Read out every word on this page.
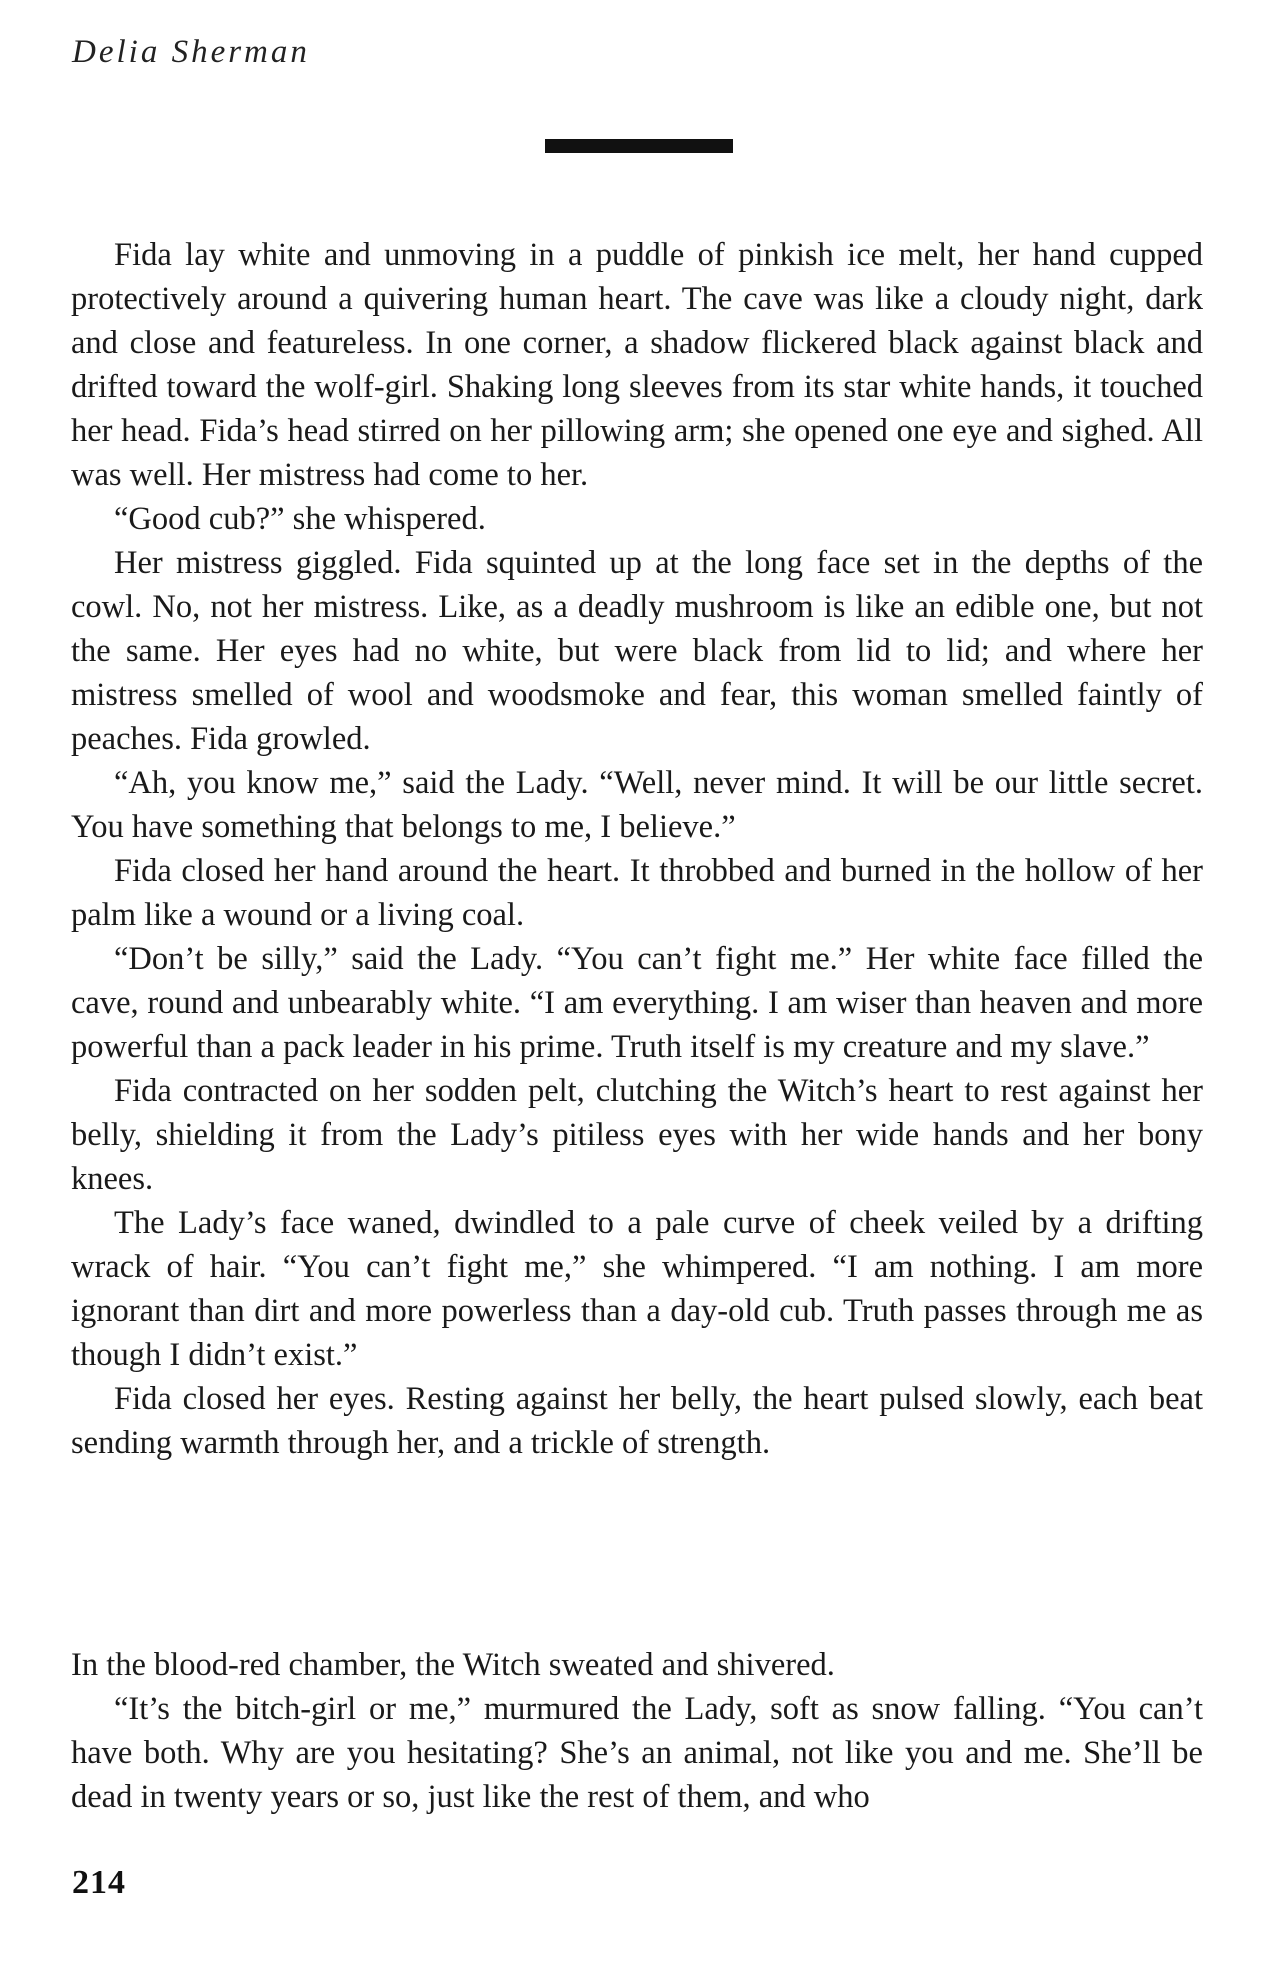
Delia Sherman

Fida lay white and unmoving in a puddle of pinkish ice melt, her hand cupped protectively around a quivering human heart. The cave was like a cloudy night, dark and close and featureless. In one corner, a shadow flickered black against black and drifted toward the wolf-girl. Shaking long sleeves from its star white hands, it touched her head. Fida’s head stirred on her pillowing arm; she opened one eye and sighed. All was well. Her mistress had come to her.

“Good cub?” she whispered.

Her mistress giggled. Fida squinted up at the long face set in the depths of the cowl. No, not her mistress. Like, as a deadly mushroom is like an edible one, but not the same. Her eyes had no white, but were black from lid to lid; and where her mistress smelled of wool and woodsmoke and fear, this woman smelled faintly of peaches. Fida growled.

“Ah, you know me,” said the Lady. “Well, never mind. It will be our little secret. You have something that belongs to me, I believe.”

Fida closed her hand around the heart. It throbbed and burned in the hollow of her palm like a wound or a living coal.

“Don’t be silly,” said the Lady. “You can’t fight me.” Her white face filled the cave, round and unbearably white. “I am everything. I am wiser than heaven and more powerful than a pack leader in his prime. Truth itself is my creature and my slave.”

Fida contracted on her sodden pelt, clutching the Witch’s heart to rest against her belly, shielding it from the Lady’s pitiless eyes with her wide hands and her bony knees.

The Lady’s face waned, dwindled to a pale curve of cheek veiled by a drifting wrack of hair. “You can’t fight me,” she whimpered. “I am nothing. I am more ignorant than dirt and more powerless than a day-old cub. Truth passes through me as though I didn’t exist.”

Fida closed her eyes. Resting against her belly, the heart pulsed slowly, each beat sending warmth through her, and a trickle of strength.

In the blood-red chamber, the Witch sweated and shivered.

“It’s the bitch-girl or me,” murmured the Lady, soft as snow falling. “You can’t have both. Why are you hesitating? She’s an animal, not like you and me. She’ll be dead in twenty years or so, just like the rest of them, and who

214
